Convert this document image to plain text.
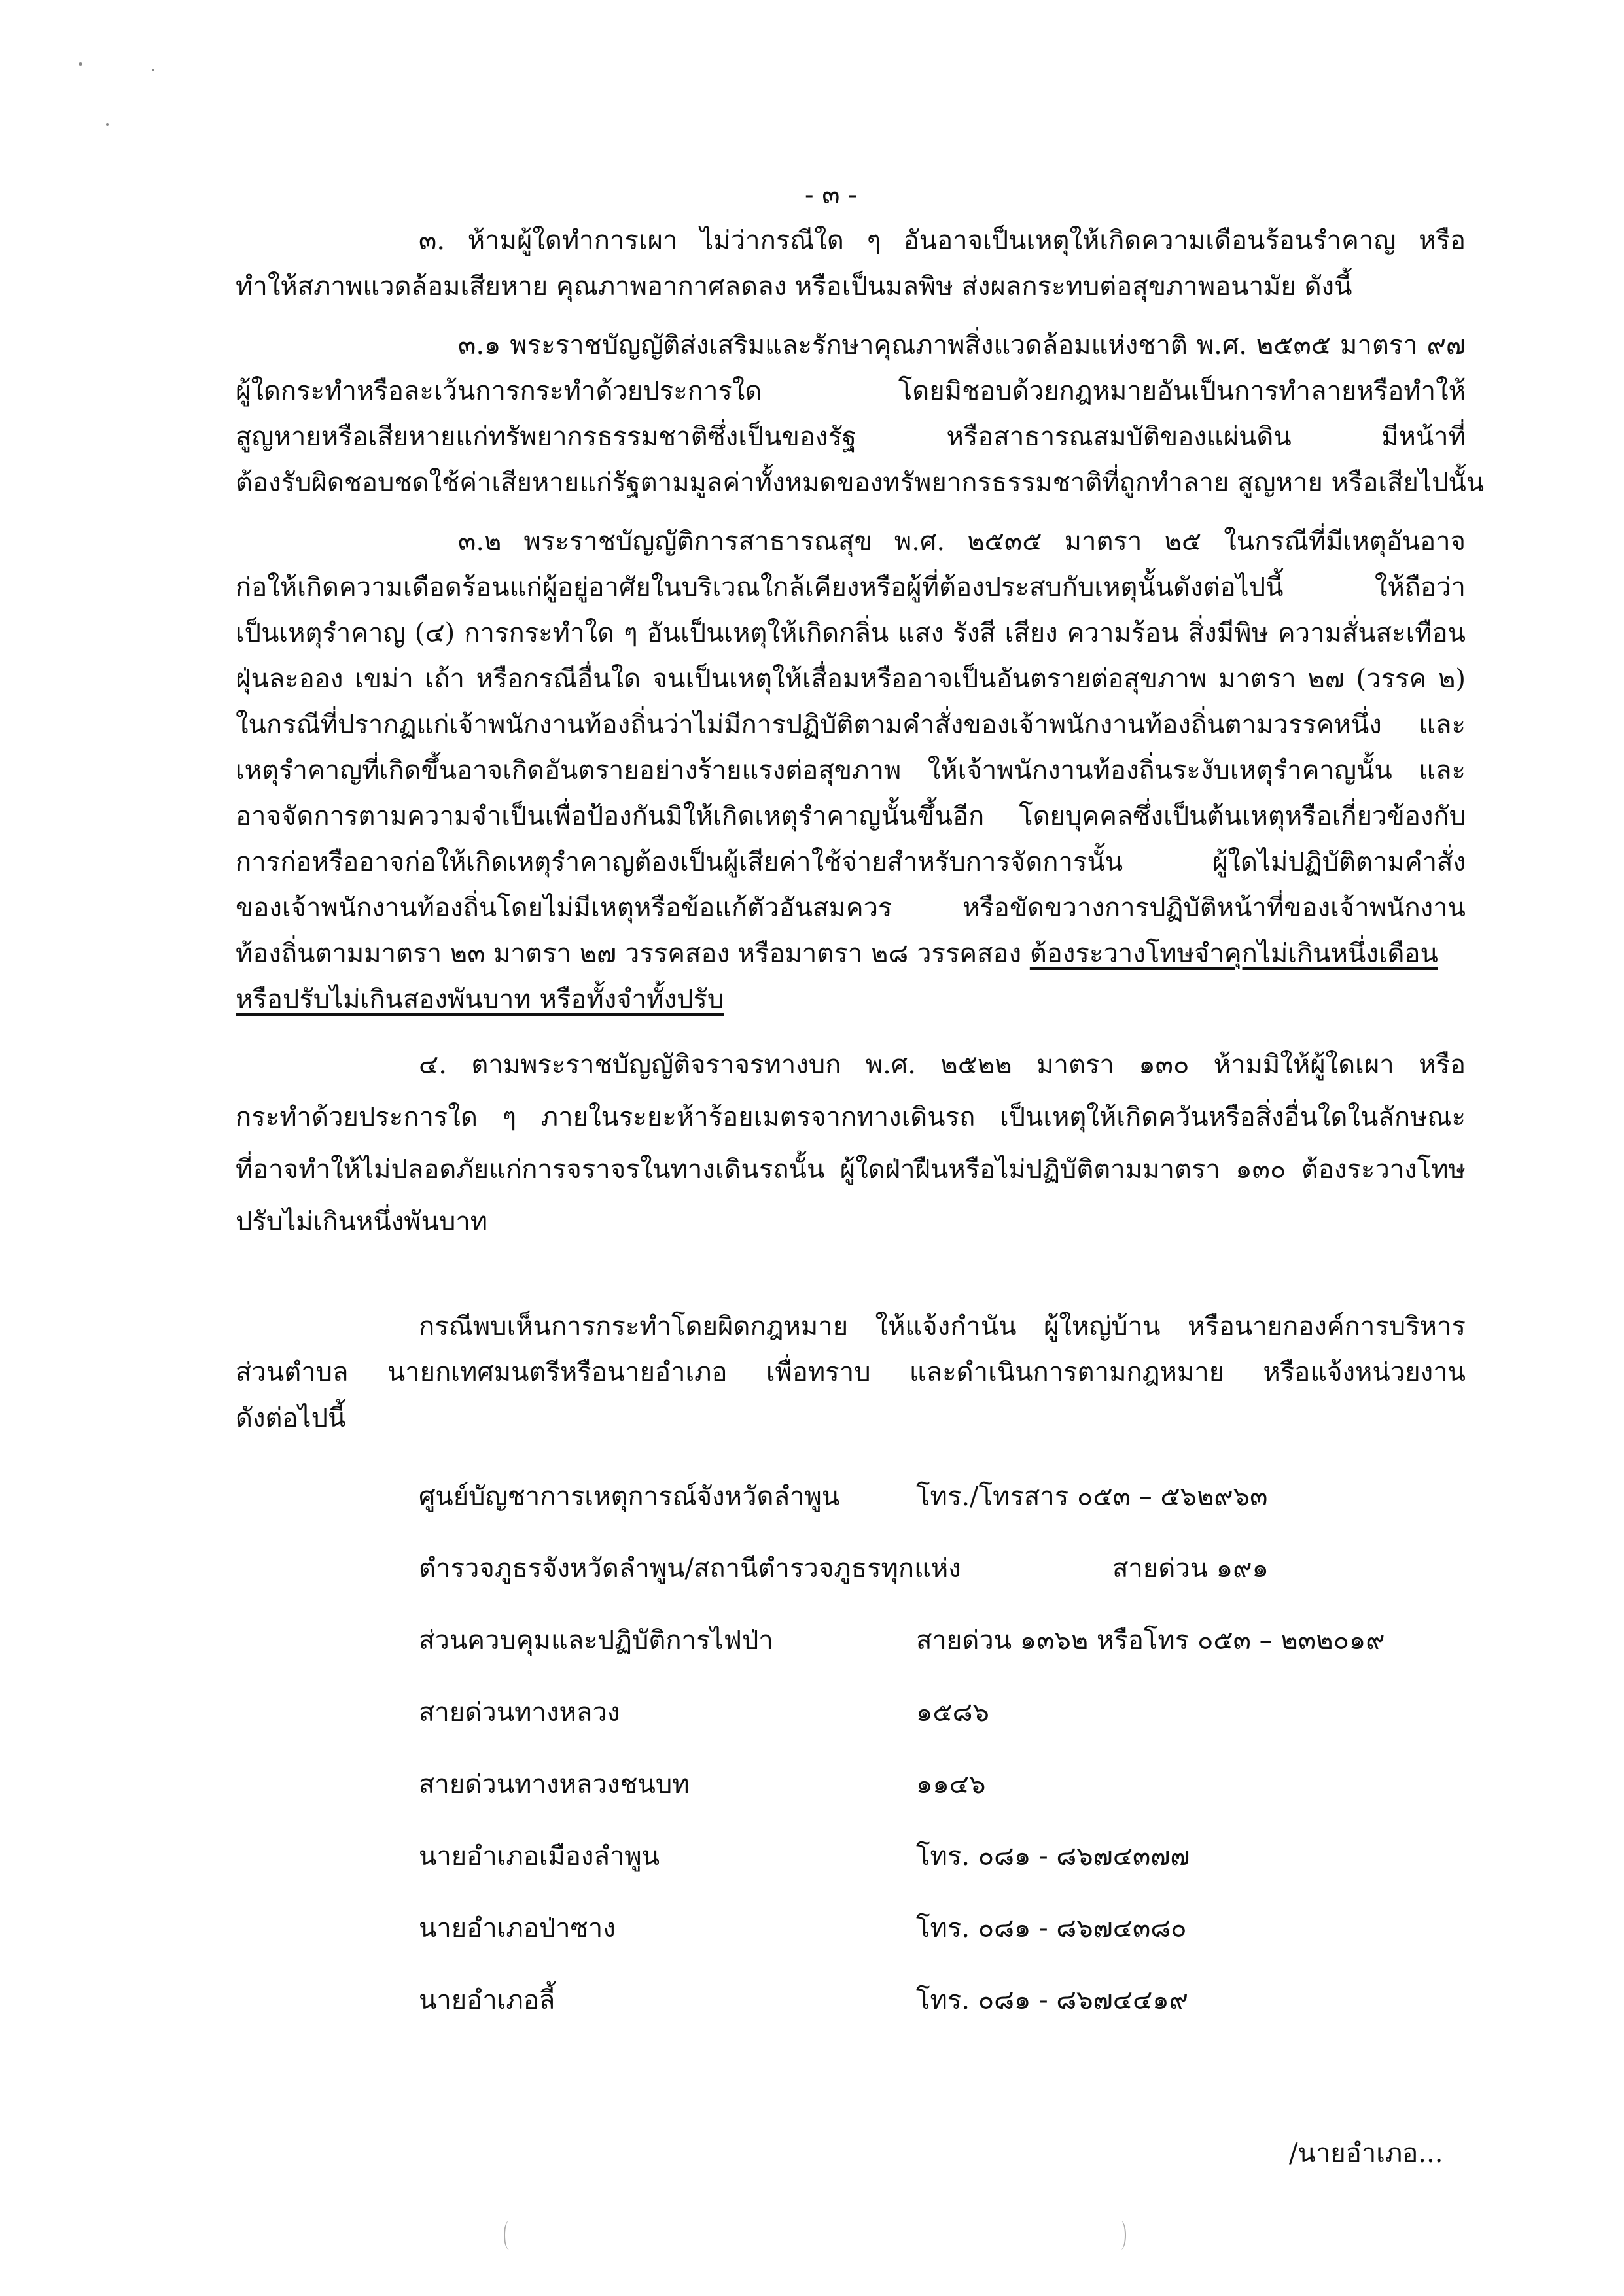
- ๓ -
๓. ห้ามผู้ใดทำการเผา ไม่ว่ากรณีใด ๆ อันอาจเป็นเหตุให้เกิดความเดือนร้อนรำคาญ หรือ
ทำให้สภาพแวดล้อมเสียหาย คุณภาพอากาศลดลง หรือเป็นมลพิษ ส่งผลกระทบต่อสุขภาพอนามัย ดังนี้
๓.๑ พระราชบัญญัติส่งเสริมและรักษาคุณภาพสิ่งแวดล้อมแห่งชาติ พ.ศ. ๒๕๓๕ มาตรา ๙๗
ผู้ใดกระทำหรือละเว้นการกระทำด้วยประการใด โดยมิชอบด้วยกฎหมายอันเป็นการทำลายหรือทำให้
สูญหายหรือเสียหายแก่ทรัพยากรธรรมชาติซึ่งเป็นของรัฐ หรือสาธารณสมบัติของแผ่นดิน มีหน้าที่
ต้องรับผิดชอบชดใช้ค่าเสียหายแก่รัฐตามมูลค่าทั้งหมดของทรัพยากรธรรมชาติที่ถูกทำลาย สูญหาย หรือเสียไปนั้น
๓.๒ พระราชบัญญัติการสาธารณสุข พ.ศ. ๒๕๓๕ มาตรา ๒๕ ในกรณีที่มีเหตุอันอาจ
ก่อให้เกิดความเดือดร้อนแก่ผู้อยู่อาศัยในบริเวณใกล้เคียงหรือผู้ที่ต้องประสบกับเหตุนั้นดังต่อไปนี้ ให้ถือว่า
เป็นเหตุรำคาญ (๔) การกระทำใด ๆ อันเป็นเหตุให้เกิดกลิ่น แสง รังสี เสียง ความร้อน สิ่งมีพิษ ความสั่นสะเทือน
ฝุ่นละออง เขม่า เถ้า หรือกรณีอื่นใด จนเป็นเหตุให้เสื่อมหรืออาจเป็นอันตรายต่อสุขภาพ มาตรา ๒๗ (วรรค ๒)
ในกรณีที่ปรากฏแก่เจ้าพนักงานท้องถิ่นว่าไม่มีการปฏิบัติตามคำสั่งของเจ้าพนักงานท้องถิ่นตามวรรคหนึ่ง และ
เหตุรำคาญที่เกิดขึ้นอาจเกิดอันตรายอย่างร้ายแรงต่อสุขภาพ ให้เจ้าพนักงานท้องถิ่นระงับเหตุรำคาญนั้น และ
อาจจัดการตามความจำเป็นเพื่อป้องกันมิให้เกิดเหตุรำคาญนั้นขึ้นอีก โดยบุคคลซึ่งเป็นต้นเหตุหรือเกี่ยวข้องกับ
การก่อหรืออาจก่อให้เกิดเหตุรำคาญต้องเป็นผู้เสียค่าใช้จ่ายสำหรับการจัดการนั้น ผู้ใดไม่ปฏิบัติตามคำสั่ง
ของเจ้าพนักงานท้องถิ่นโดยไม่มีเหตุหรือข้อแก้ตัวอันสมควร หรือขัดขวางการปฏิบัติหน้าที่ของเจ้าพนักงาน
ท้องถิ่นตามมาตรา ๒๓ มาตรา ๒๗ วรรคสอง หรือมาตรา ๒๘ วรรคสอง ต้องระวางโทษจำคุกไม่เกินหนึ่งเดือน
หรือปรับไม่เกินสองพันบาท หรือทั้งจำทั้งปรับ
๔. ตามพระราชบัญญัติจราจรทางบก พ.ศ. ๒๕๒๒ มาตรา ๑๓๐ ห้ามมิให้ผู้ใดเผา หรือ
กระทำด้วยประการใด ๆ ภายในระยะห้าร้อยเมตรจากทางเดินรถ เป็นเหตุให้เกิดควันหรือสิ่งอื่นใดในลักษณะ
ที่อาจทำให้ไม่ปลอดภัยแก่การจราจรในทางเดินรถนั้น ผู้ใดฝ่าฝืนหรือไม่ปฏิบัติตามมาตรา ๑๓๐ ต้องระวางโทษ
ปรับไม่เกินหนึ่งพันบาท
กรณีพบเห็นการกระทำโดยผิดกฎหมาย ให้แจ้งกำนัน ผู้ใหญ่บ้าน หรือนายกองค์การบริหาร
ส่วนตำบล นายกเทศมนตรีหรือนายอำเภอ เพื่อทราบ และดำเนินการตามกฎหมาย หรือแจ้งหน่วยงาน
ดังต่อไปนี้
ศูนย์บัญชาการเหตุการณ์จังหวัดลำพูน	โทร./โทรสาร ๐๕๓ – ๕๖๒๙๖๓
ตำรวจภูธรจังหวัดลำพูน/สถานีตำรวจภูธรทุกแห่ง	สายด่วน ๑๙๑
ส่วนควบคุมและปฏิบัติการไฟป่า	สายด่วน ๑๓๖๒ หรือโทร ๐๕๓ – ๒๓๒๐๑๙
สายด่วนทางหลวง	๑๕๘๖
สายด่วนทางหลวงชนบท	๑๑๔๖
นายอำเภอเมืองลำพูน	โทร. ๐๘๑ - ๘๖๗๔๓๗๗
นายอำเภอป่าซาง	โทร. ๐๘๑ - ๘๖๗๔๓๘๐
นายอำเภอลี้	โทร. ๐๘๑ - ๘๖๗๔๔๑๙
/นายอำเภอ...
